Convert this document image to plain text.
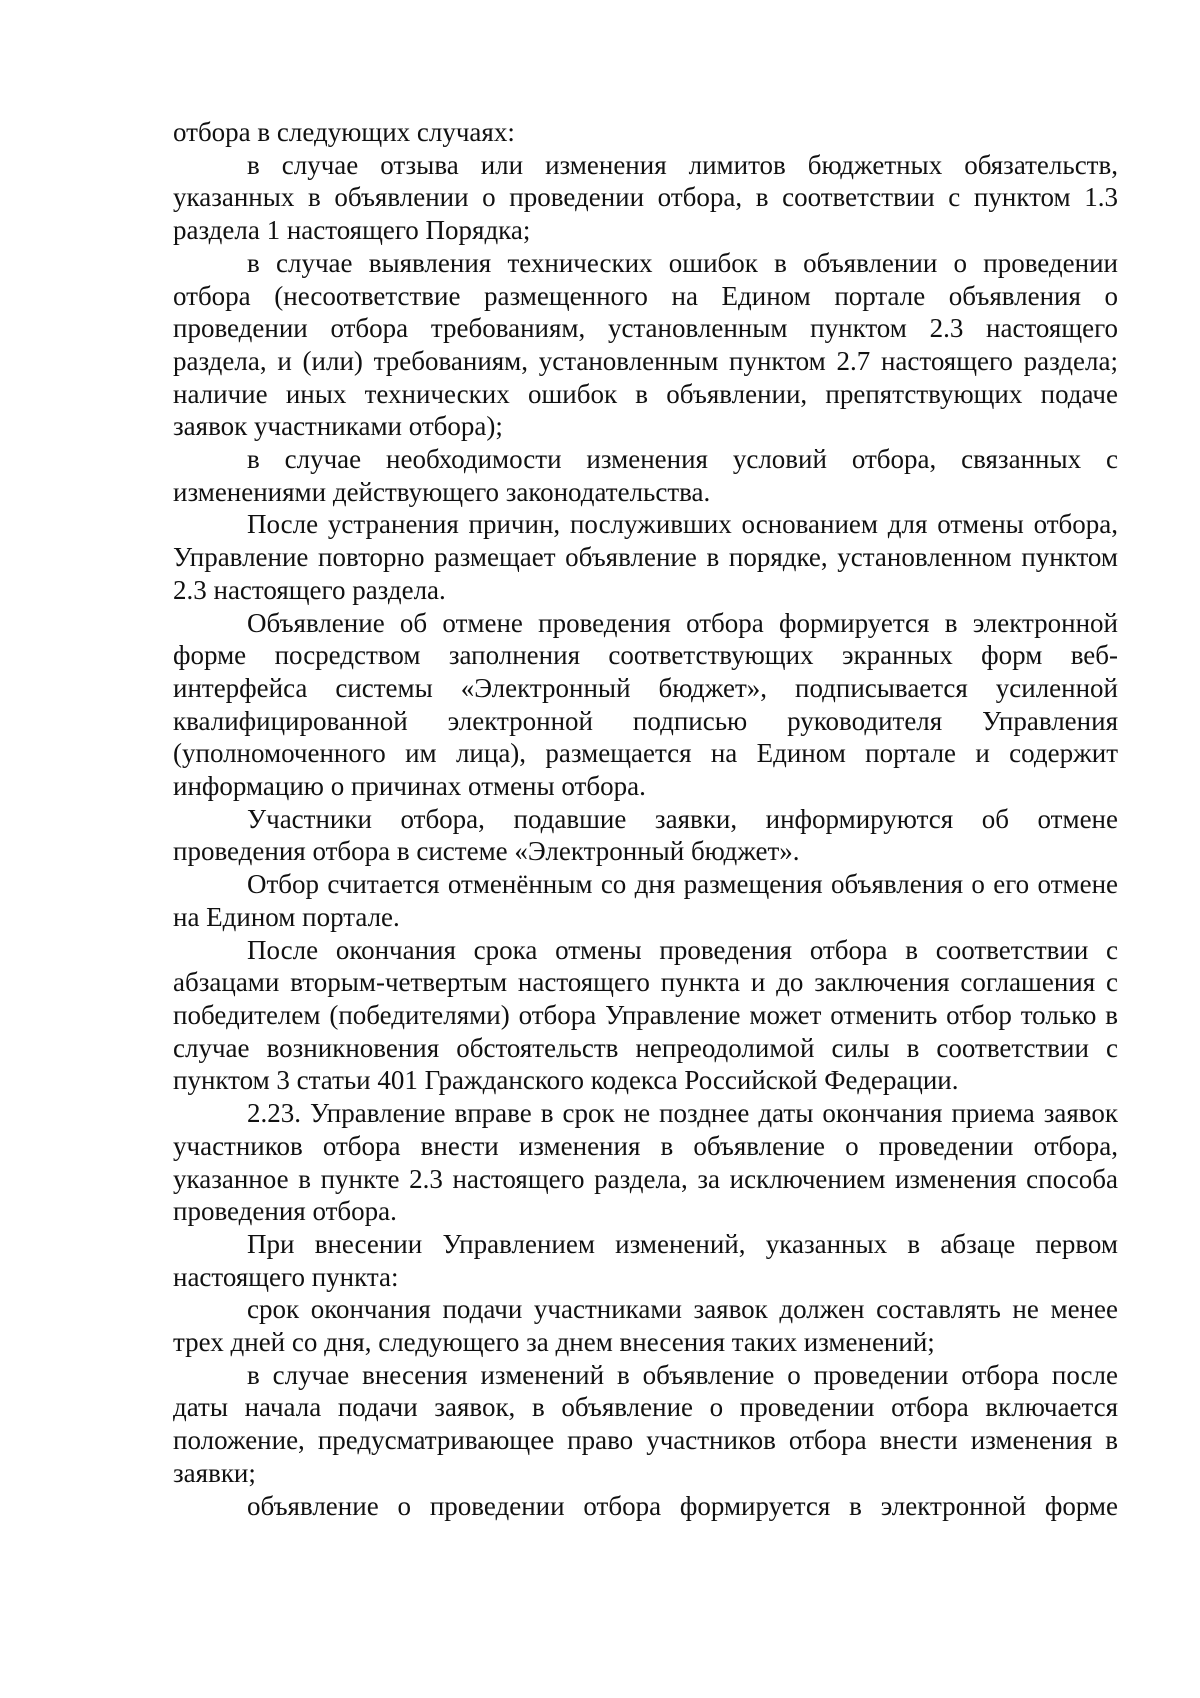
отбора в следующих случаях:

в случае отзыва или изменения лимитов бюджетных обязательств, указанных в объявлении о проведении отбора, в соответствии с пунктом 1.3 раздела 1 настоящего Порядка;

в случае выявления технических ошибок в объявлении о проведении отбора (несоответствие размещенного на Едином портале объявления о проведении отбора требованиям, установленным пунктом 2.3 настоящего раздела, и (или) требованиям, установленным пунктом 2.7 настоящего раздела; наличие иных технических ошибок в объявлении, препятствующих подаче заявок участниками отбора);

в случае необходимости изменения условий отбора, связанных с изменениями действующего законодательства.

После устранения причин, послуживших основанием для отмены отбора, Управление повторно размещает объявление в порядке, установленном пунктом 2.3 настоящего раздела.

Объявление об отмене проведения отбора формируется в электронной форме посредством заполнения соответствующих экранных форм веб-интерфейса системы «Электронный бюджет», подписывается усиленной квалифицированной электронной подписью руководителя Управления (уполномоченного им лица), размещается на Едином портале и содержит информацию о причинах отмены отбора.

Участники отбора, подавшие заявки, информируются об отмене проведения отбора в системе «Электронный бюджет».

Отбор считается отменённым со дня размещения объявления о его отмене на Едином портале.

После окончания срока отмены проведения отбора в соответствии с абзацами вторым-четвертым настоящего пункта и до заключения соглашения с победителем (победителями) отбора Управление может отменить отбор только в случае возникновения обстоятельств непреодолимой силы в соответствии с пунктом 3 статьи 401 Гражданского кодекса Российской Федерации.

2.23. Управление вправе в срок не позднее даты окончания приема заявок участников отбора внести изменения в объявление о проведении отбора, указанное в пункте 2.3 настоящего раздела, за исключением изменения способа проведения отбора.

При внесении Управлением изменений, указанных в абзаце первом настоящего пункта:

срок окончания подачи участниками заявок должен составлять не менее трех дней со дня, следующего за днем внесения таких изменений;

в случае внесения изменений в объявление о проведении отбора после даты начала подачи заявок, в объявление о проведении отбора включается положение, предусматривающее право участников отбора внести изменения в заявки;

объявление о проведении отбора формируется в электронной форме
